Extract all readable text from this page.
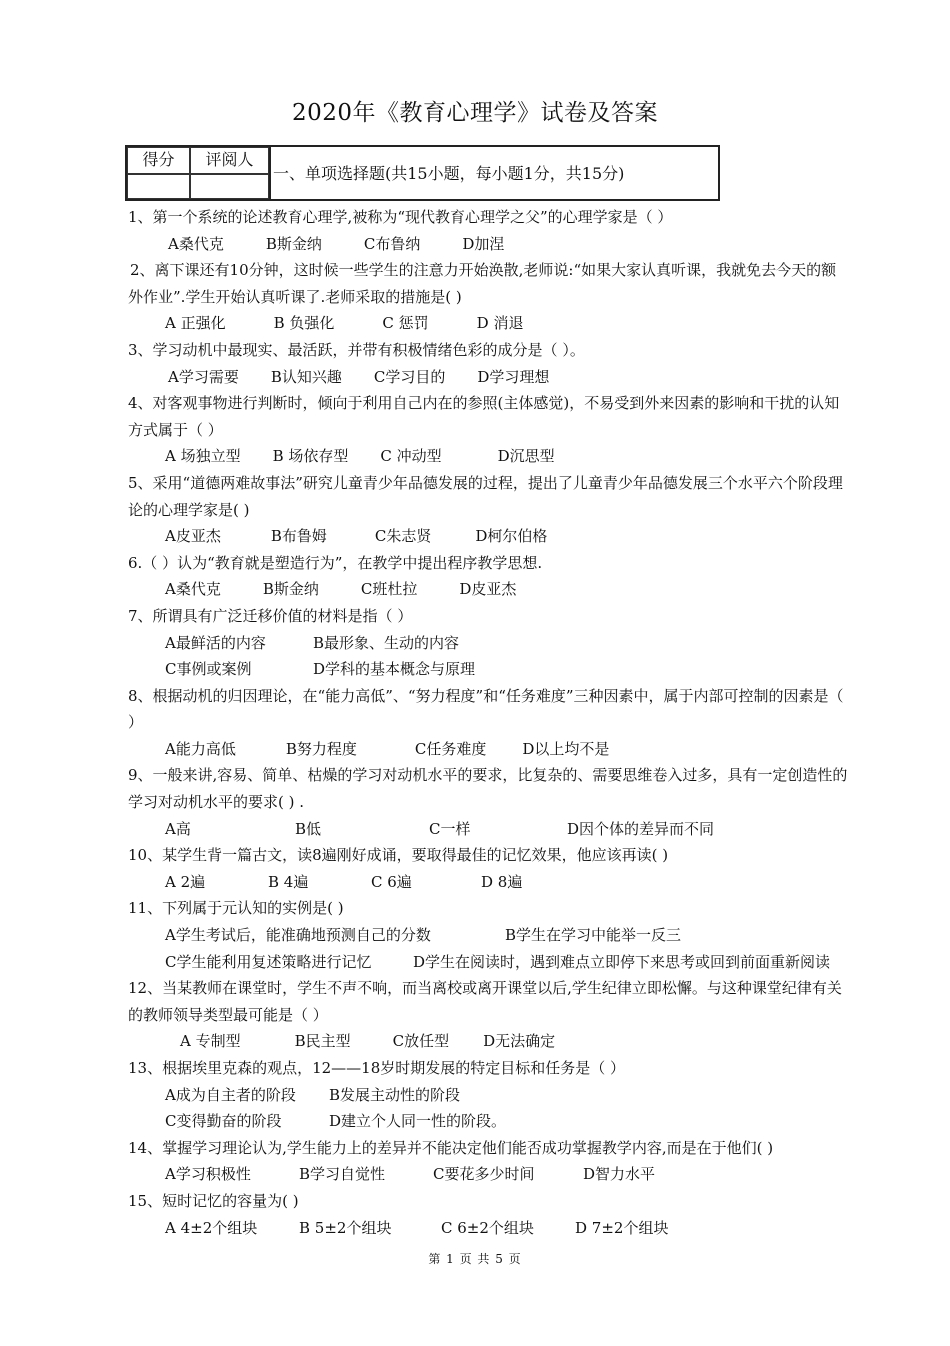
2020年《教育心理学》试卷及答案
得分	评阅人
一、单项选择题(共15小题，每小题1分，共15分)
1、第一个系统的论述教育心理学,被称为“现代教育心理学之父”的心理学家是（ ）
A桑代克	B斯金纳	C布鲁纳	D加涅
2、离下课还有10分钟，这时候一些学生的注意力开始涣散,老师说:“如果大家认真听课，我就免去今天的额外作业”.学生开始认真听课了.老师采取的措施是( )
A 正强化	B 负强化	C 惩罚	D 消退
3、学习动机中最现实、最活跃，并带有积极情绪色彩的成分是（ ）。
A学习需要 B认知兴趣 C学习目的 D学习理想
4、对客观事物进行判断时，倾向于利用自己内在的参照(主体感觉)，不易受到外来因素的影响和干扰的认知方式属于（ ）
A 场独立型 B 场依存型 C 冲动型	D沉思型
5、采用“道德两难故事法”研究儿童青少年品德发展的过程，提出了儿童青少年品德发展三个水平六个阶段理论的心理学家是( )
A皮亚杰	B布鲁姆	C朱志贤	D柯尔伯格
6.（ ）认为“教育就是塑造行为”，在教学中提出程序教学思想.
A桑代克	B斯金纳	C班杜拉	D皮亚杰
7、所谓具有广泛迁移价值的材料是指（ ）
A最鲜活的内容	B最形象、生动的内容
C事例或案例	D学科的基本概念与原理
8、根据动机的归因理论，在“能力高低”、“努力程度”和“任务难度”三种因素中，属于内部可控制的因素是（ ）
A能力高低	B努力程度	C任务难度 D以上均不是
9、一般来讲,容易、简单、枯燥的学习对动机水平的要求，比复杂的、需要思维卷入过多，具有一定创造性的学习对动机水平的要求( ) .
A高	B低	C一样	D因个体的差异而不同
10、某学生背一篇古文，读8遍刚好成诵，要取得最佳的记忆效果，他应该再读( )
A 2遍	B 4遍	C 6遍	D 8遍
11、下列属于元认知的实例是( )
A学生考试后，能准确地预测自己的分数	B学生在学习中能举一反三
C学生能利用复述策略进行记忆	D学生在阅读时，遇到难点立即停下来思考或回到前面重新阅读
12、当某教师在课堂时，学生不声不响，而当离校或离开课堂以后,学生纪律立即松懈。与这种课堂纪律有关的教师领导类型最可能是（ ）
A 专制型	B民主型	C放任型 D无法确定
13、根据埃里克森的观点，12——18岁时期发展的特定目标和任务是（ ）
A成为自主者的阶段 B发展主动性的阶段
C变得勤奋的阶段	D建立个人同一性的阶段。
14、掌握学习理论认为,学生能力上的差异并不能决定他们能否成功掌握教学内容,而是在于他们( )
A学习积极性	B学习自觉性	C要花多少时间	D智力水平
15、短时记忆的容量为( )
A 4±2个组块	B 5±2个组块	C 6±2个组块	D 7±2个组块
第 1 页 共 5 页
